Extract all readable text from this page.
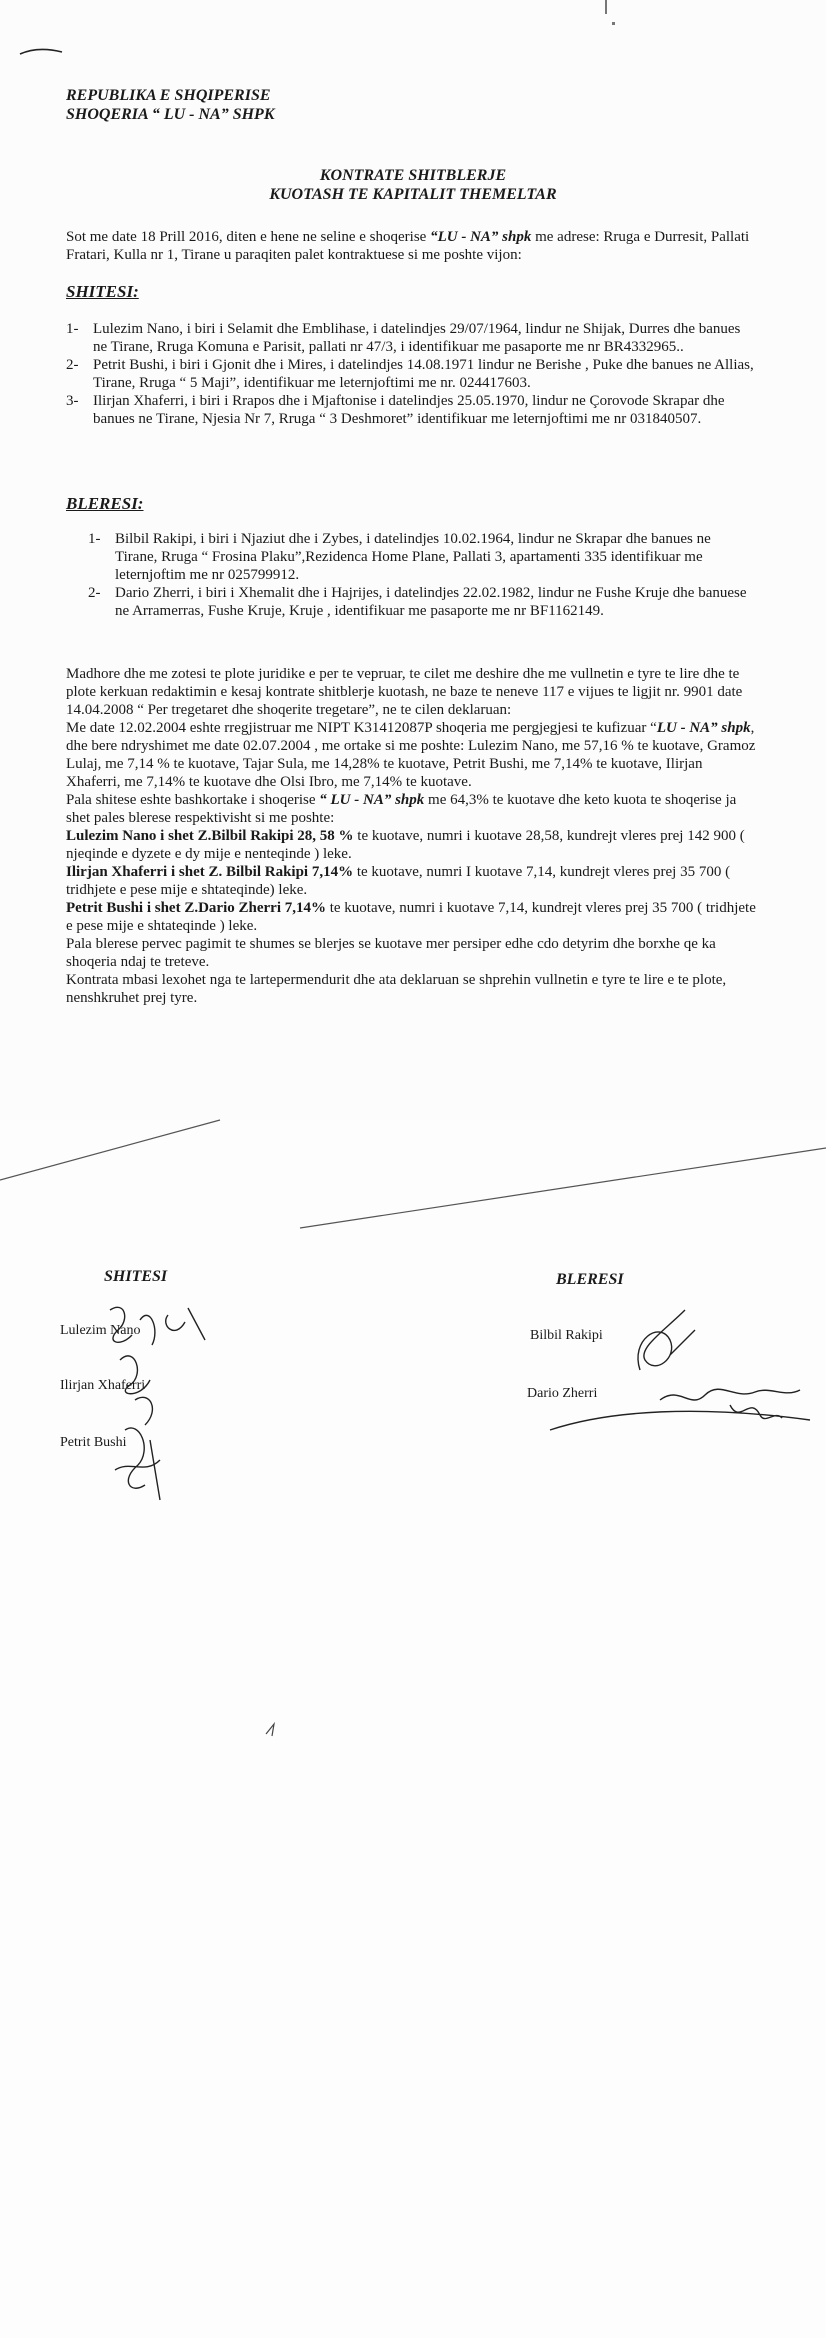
REPUBLIKA E SHQIPERISE
SHOQERIA “ LU - NA” SHPK
KONTRATE SHITBLERJE
KUOTASH TE KAPITALIT THEMELTAR
Sot me date 18 Prill 2016, diten e hene ne seline e shoqerise “LU - NA” shpk me adrese: Rruga e Durresit, Pallati Fratari, Kulla nr 1, Tirane u paraqiten palet kontraktuese si me poshte vijon:
SHITESI:
1- Lulezim Nano, i biri i Selamit dhe Emblihase, i datelindjes 29/07/1964, lindur ne Shijak, Durres dhe banues ne Tirane, Rruga Komuna e Parisit, pallati nr 47/3, i identifikuar me pasaporte me nr BR4332965..
2- Petrit Bushi, i biri i Gjonit dhe i Mires, i datelindjes 14.08.1971 lindur ne Berishe , Puke dhe banues ne Allias, Tirane, Rruga “ 5 Maji”, identifikuar me leternjoftimi me nr. 024417603.
3- Ilirjan Xhaferri, i biri i Rrapos dhe i Mjaftonise i datelindjes 25.05.1970, lindur ne Çorovode Skrapar dhe banues ne Tirane, Njesia Nr 7, Rruga “ 3 Deshmoret” identifikuar me leternjoftimi me nr 031840507.
BLERESI:
1- Bilbil Rakipi, i biri i Njaziut dhe i Zybes, i datelindjes 10.02.1964, lindur ne Skrapar dhe banues ne Tirane, Rruga “ Frosina Plaku”,Rezidenca Home Plane, Pallati 3, apartamenti 335 identifikuar me leternjoftim me nr 025799912.
2- Dario Zherri, i biri i Xhemalit dhe i Hajrijes, i datelindjes 22.02.1982, lindur ne Fushe Kruje dhe banuese ne Arramerras, Fushe Kruje, Kruje , identifikuar me pasaporte me nr BF1162149.

Madhore dhe me zotesi te plote juridike e per te vepruar, te cilet me deshire dhe me vullnetin e tyre te lire dhe te plote kerkuan redaktimin e kesaj kontrate shitblerje kuotash, ne baze te neneve 117 e vijues te ligjit nr. 9901 date 14.04.2008 “ Per tregetaret dhe shoqerite tregetare”, ne te cilen deklaruan:

Me date 12.02.2004 eshte rregjistruar me NIPT K31412087P shoqeria me pergjegjesi te kufizuar “LU - NA” shpk, dhe bere ndryshimet me date 02.07.2004 , me ortake si me poshte: Lulezim Nano, me 57,16 % te kuotave, Gramoz Lulaj, me 7,14 % te kuotave, Tajar Sula, me 14,28% te kuotave, Petrit Bushi, me 7,14% te kuotave, Ilirjan Xhaferri, me 7,14% te kuotave dhe Olsi Ibro, me 7,14% te kuotave.

Pala shitese eshte bashkortake i shoqerise “ LU - NA” shpk me 64,3% te kuotave dhe keto kuota te shoqerise ja shet pales blerese respektivisht si me poshte:

Lulezim Nano i shet Z.Bilbil Rakipi 28, 58 % te kuotave, numri i kuotave 28,58, kundrejt vleres prej 142 900 ( njeqinde e dyzete e dy mije e nenteqinde ) leke.

Ilirjan Xhaferri i shet Z. Bilbil Rakipi 7,14% te kuotave, numri I kuotave 7,14, kundrejt vleres prej 35 700 ( tridhjete e pese mije e shtateqinde) leke.

Petrit Bushi i shet Z.Dario Zherri 7,14% te kuotave, numri i kuotave 7,14, kundrejt vleres prej 35 700 ( tridhjete e pese mije e shtateqinde ) leke.

Pala blerese pervec pagimit te shumes se blerjes se kuotave mer persiper edhe cdo detyrim dhe borxhe qe ka shoqeria ndaj te treteve.

Kontrata mbasi lexohet nga te lartepermendurit dhe ata deklaruan se shprehin vullnetin e tyre te lire e te plote, nenshkruhet prej tyre.

SHITESI	BLERESI
Lulezim Nano
Ilirjan Xhaferri
Petrit Bushi
Bilbil Rakipi
Dario Zherri
